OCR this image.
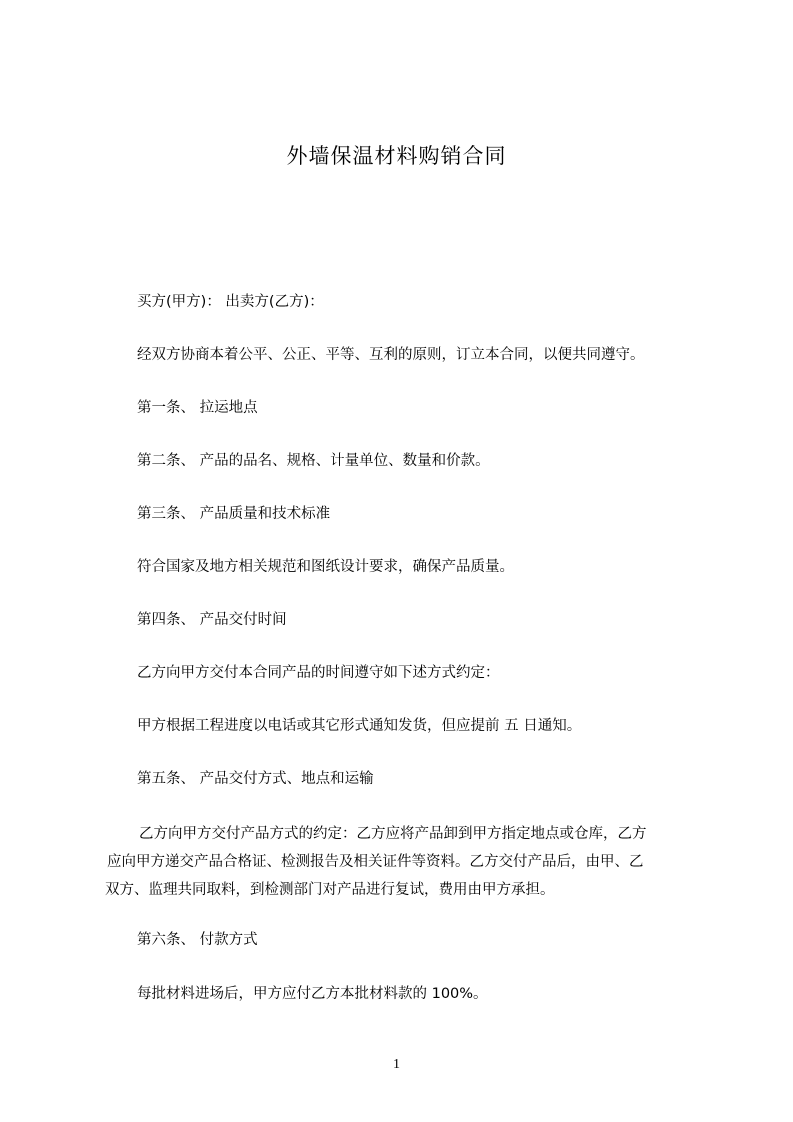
外墙保温材料购销合同
买方(甲方)： 出卖方(乙方)：
经双方协商本着公平、公正、平等、互利的原则，订立本合同，以便共同遵守。
第一条、 拉运地点
第二条、 产品的品名、规格、计量单位、数量和价款。
第三条、 产品质量和技术标准
符合国家及地方相关规范和图纸设计要求，确保产品质量。
第四条、 产品交付时间
乙方向甲方交付本合同产品的时间遵守如下述方式约定：
甲方根据工程进度以电话或其它形式通知发货，但应提前 五 日通知。
第五条、 产品交付方式、地点和运输
乙方向甲方交付产品方式的约定：乙方应将产品卸到甲方指定地点或仓库，乙方
应向甲方递交产品合格证、检测报告及相关证件等资料。乙方交付产品后，由甲、乙
双方、监理共同取料，到检测部门对产品进行复试，费用由甲方承担。
第六条、 付款方式
每批材料进场后，甲方应付乙方本批材料款的 100%。
1
